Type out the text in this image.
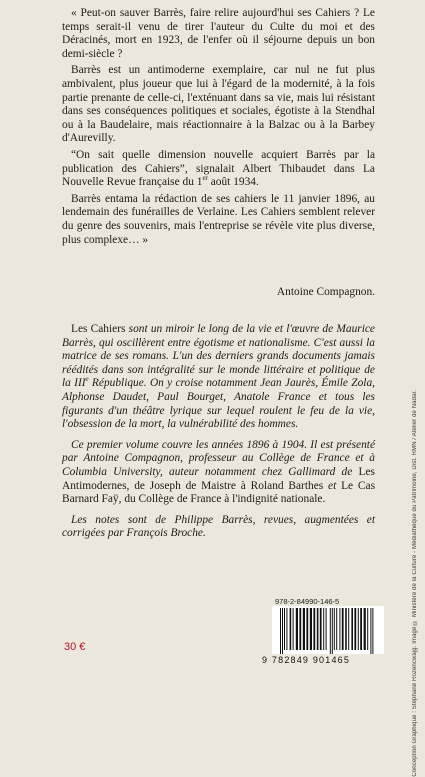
« Peut-on sauver Barrès, faire relire aujourd'hui ses Cahiers ? Le temps serait-il venu de tirer l'auteur du Culte du moi et des Déracinés, mort en 1923, de l'enfer où il séjourne depuis un bon demi-siècle ?

Barrès est un antimoderne exemplaire, car nul ne fut plus ambivalent, plus joueur que lui à l'égard de la modernité, à la fois partie prenante de celle-ci, l'exténuant dans sa vie, mais lui résistant dans ses conséquences politiques et sociales, égotiste à la Stendhal ou à la Baudelaire, mais réactionnaire à la Balzac ou à la Barbey d'Aurevilly.

“On sait quelle dimension nouvelle acquiert Barrès par la publication des Cahiers”, signalait Albert Thibaudet dans La Nouvelle Revue française du 1er août 1934.

Barrès entama la rédaction de ses cahiers le 11 janvier 1896, au lendemain des funérailles de Verlaine. Les Cahiers semblent relever du genre des souvenirs, mais l'entreprise se révèle vite plus diverse, plus complexe… »

Antoine Compagnon.

Les Cahiers sont un miroir le long de la vie et l'œuvre de Maurice Barrès, qui oscillèrent entre égotisme et nationalisme. C'est aussi la matrice de ses romans. L'un des derniers grands documents jamais réédités dans son intégralité sur le monde littéraire et politique de la IIIe République. On y croise notamment Jean Jaurès, Émile Zola, Alphonse Daudet, Paul Bourget, Anatole France et tous les figurants d'un théâtre lyrique sur lequel roulent le feu de la vie, l'obsession de la mort, la vulnérabilité des hommes.

Ce premier volume couvre les années 1896 à 1904. Il est présenté par Antoine Compagnon, professeur au Collège de France et à Columbia University, auteur notamment chez Gallimard de Les Antimodernes, de Joseph de Maistre à Roland Barthes et Le Cas Barnard Faÿ, du Collège de France à l'indignité nationale.

Les notes sont de Philippe Barrès, revues, augmentées et corrigées par François Broche.	Conception Graphique : Stéphane Rozencwajg. Image © Ministère de la Culture - Médiathèque du Patrimoine, Dist. RMN / Atelier de Nadar.
978-2-84990-146-5
9 782849 901465
30 €
